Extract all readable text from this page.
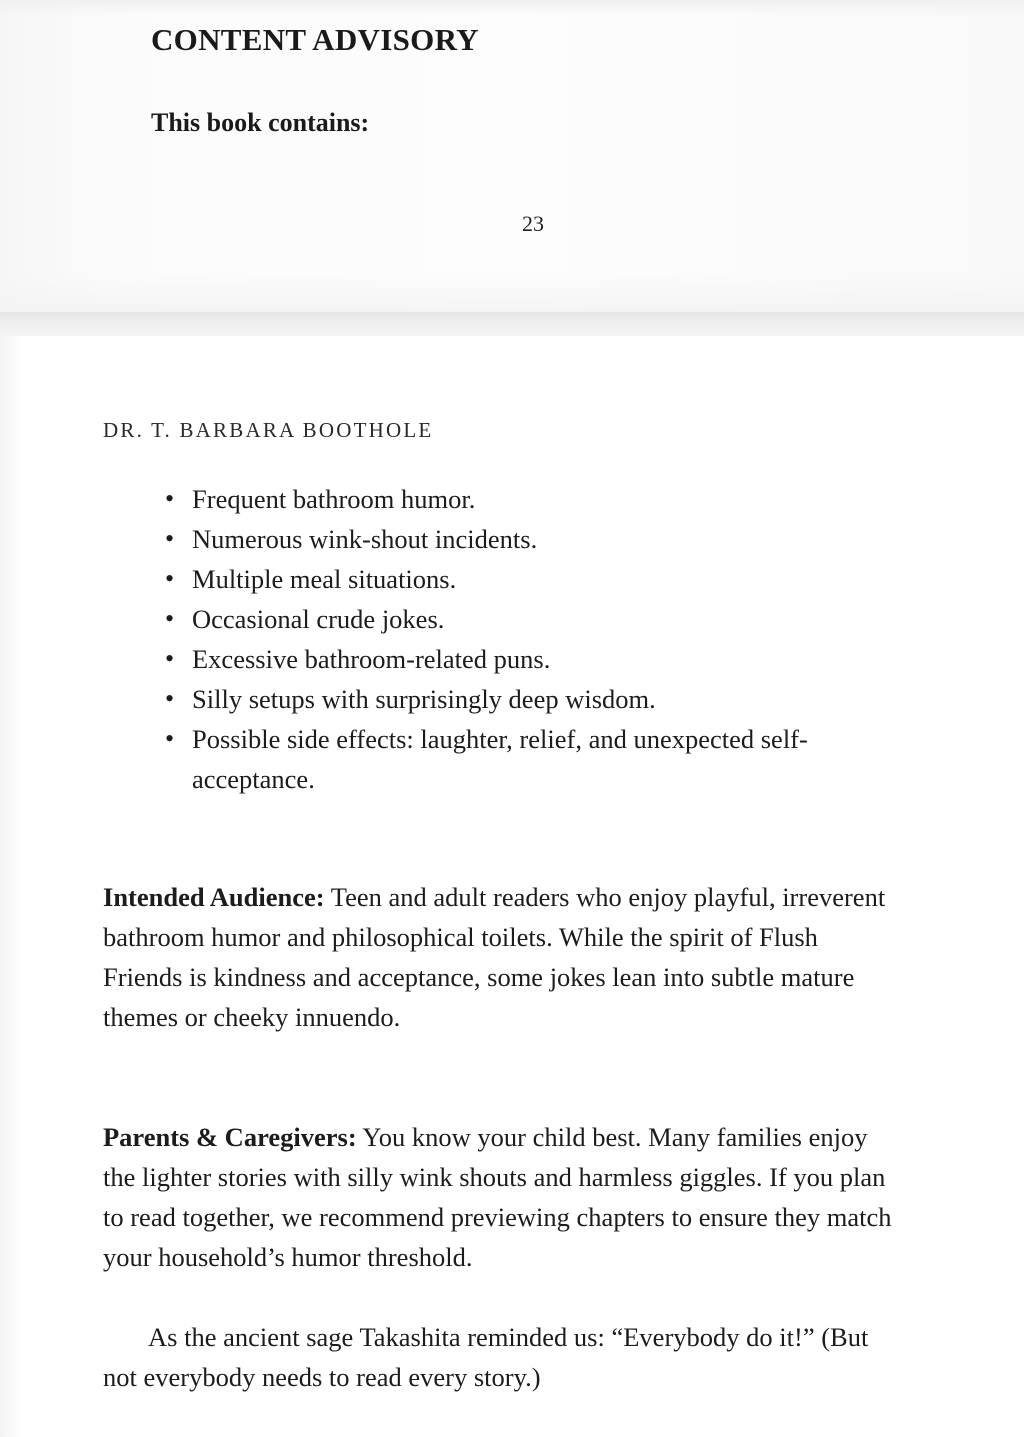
CONTENT ADVISORY
This book contains:
23
DR. T. BARBARA BOOTHOLE
• Frequent bathroom humor.
• Numerous wink-shout incidents.
• Multiple meal situations.
• Occasional crude jokes.
• Excessive bathroom-related puns.
• Silly setups with surprisingly deep wisdom.
• Possible side effects: laughter, relief, and unexpected self-acceptance.

Intended Audience: Teen and adult readers who enjoy playful, irreverent bathroom humor and philosophical toilets. While the spirit of Flush Friends is kindness and acceptance, some jokes lean into subtle mature themes or cheeky innuendo.

Parents & Caregivers: You know your child best. Many families enjoy the lighter stories with silly wink shouts and harmless giggles. If you plan to read together, we recommend previewing chapters to ensure they match your household’s humor threshold.

As the ancient sage Takashita reminded us: “Everybody do it!” (But not everybody needs to read every story.)
